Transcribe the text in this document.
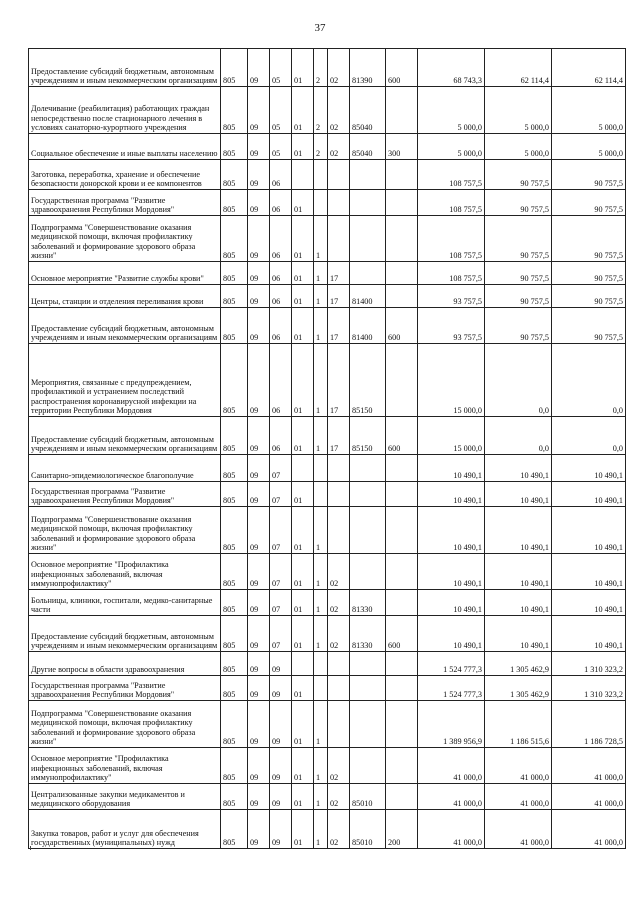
37
Предоставление субсидий бюджетным, автономным учреждениям и иным некоммерческим организациям	805	09	05	01	2	02	81390	600	68 743,3	62 114,4	62 114,4
Долечивание (реабилитация) работающих граждан непосредственно после стационарного лечения в условиях санаторно-курортного учреждения	805	09	05	01	2	02	85040		5 000,0	5 000,0	5 000,0
Социальное обеспечение и иные выплаты населению	805	09	05	01	2	02	85040	300	5 000,0	5 000,0	5 000,0
Заготовка, переработка, хранение и обеспечение безопасности донорской крови и ее компонентов	805	09	06						108 757,5	90 757,5	90 757,5
Государственная программа "Развитие здравоохранения Республики Мордовия"	805	09	06	01					108 757,5	90 757,5	90 757,5
Подпрограмма "Совершенствование оказания медицинской помощи, включая профилактику заболеваний и формирование здорового образа жизни"	805	09	06	01	1				108 757,5	90 757,5	90 757,5
Основное мероприятие "Развитие службы крови"	805	09	06	01	1	17			108 757,5	90 757,5	90 757,5
Центры, станции и отделения переливания крови	805	09	06	01	1	17	81400		93 757,5	90 757,5	90 757,5
Предоставление субсидий бюджетным, автономным учреждениям и иным некоммерческим организациям	805	09	06	01	1	17	81400	600	93 757,5	90 757,5	90 757,5
Мероприятия, связанные с предупреждением, профилактикой и устранением последствий распространения коронавирусной инфекции на территории Республики Мордовия	805	09	06	01	1	17	85150		15 000,0	0,0	0,0
Предоставление субсидий бюджетным, автономным учреждениям и иным некоммерческим организациям	805	09	06	01	1	17	85150	600	15 000,0	0,0	0,0
Санитарно-эпидемиологическое благополучие	805	09	07						10 490,1	10 490,1	10 490,1
Государственная программа "Развитие здравоохранения Республики Мордовия"	805	09	07	01					10 490,1	10 490,1	10 490,1
Подпрограмма "Совершенствование оказания медицинской помощи, включая профилактику заболеваний и формирование здорового образа жизни"	805	09	07	01	1				10 490,1	10 490,1	10 490,1
Основное мероприятие "Профилактика инфекционных заболеваний, включая иммунопрофилактику"	805	09	07	01	1	02			10 490,1	10 490,1	10 490,1
Больницы, клиники, госпитали, медико-санитарные части	805	09	07	01	1	02	81330		10 490,1	10 490,1	10 490,1
Предоставление субсидий бюджетным, автономным учреждениям и иным некоммерческим организациям	805	09	07	01	1	02	81330	600	10 490,1	10 490,1	10 490,1
Другие вопросы в области здравоохранения	805	09	09						1 524 777,3	1 305 462,9	1 310 323,2
Государственная программа "Развитие здравоохранения Республики Мордовия"	805	09	09	01					1 524 777,3	1 305 462,9	1 310 323,2
Подпрограмма "Совершенствование оказания медицинской помощи, включая профилактику заболеваний и формирование здорового образа жизни"	805	09	09	01	1				1 389 956,9	1 186 515,6	1 186 728,5
Основное мероприятие "Профилактика инфекционных заболеваний, включая иммунопрофилактику"	805	09	09	01	1	02			41 000,0	41 000,0	41 000,0
Централизованные закупки медикаментов и медицинского оборудования	805	09	09	01	1	02	85010		41 000,0	41 000,0	41 000,0
Закупка товаров, работ и услуг для обеспечения государственных (муниципальных) нужд	805	09	09	01	1	02	85010	200	41 000,0	41 000,0	41 000,0
